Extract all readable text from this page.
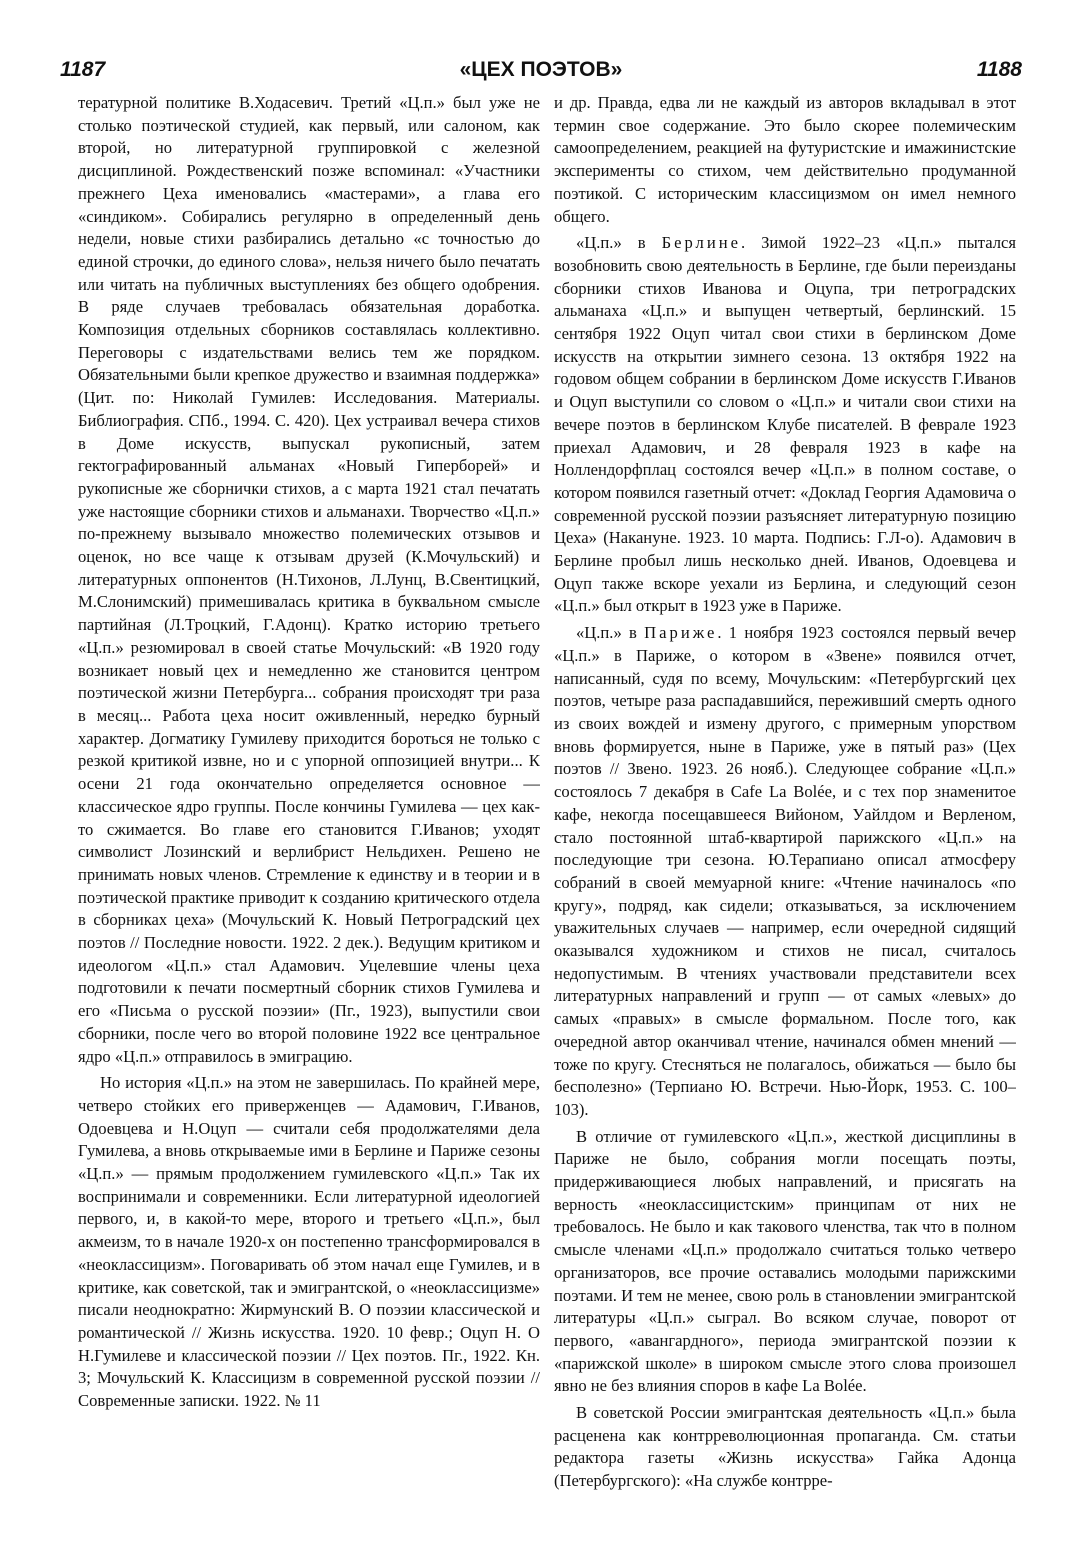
1187	«ЦЕХ ПОЭТОВ»	1188

тературной политике В.Ходасевич. Третий «Ц.п.» был уже не столько поэтической студией, как первый, или салоном, как второй, но литературной группировкой с железной дисциплиной. Рождественский позже вспоминал: «Участники прежнего Цеха именовались «мастерами», а глава его «синдиком». Собирались регулярно в определенный день недели, новые стихи разбирались детально «с точностью до единой строчки, до единого слова», нельзя ничего было печатать или читать на публичных выступлениях без общего одобрения. В ряде случаев требовалась обязательная доработка. Композиция отдельных сборников составлялась коллективно. Переговоры с издательствами велись тем же порядком. Обязательными были крепкое дружество и взаимная поддержка» (Цит. по: Николай Гумилев: Исследования. Материалы. Библиография. СПб., 1994. С. 420). Цех устраивал вечера стихов в Доме искусств, выпускал рукописный, затем гектографированный альманах «Новый Гиперборей» и рукописные же сборнички стихов, а с марта 1921 стал печатать уже настоящие сборники стихов и альманахи. Творчество «Ц.п.» по-прежнему вызывало множество полемических отзывов и оценок, но все чаще к отзывам друзей (К.Мочульский) и литературных оппонентов (Н.Тихонов, Л.Лунц, В.Свентицкий, М.Слонимский) примешивалась критика в буквальном смысле партийная (Л.Троцкий, Г.Адонц). Кратко историю третьего «Ц.п.» резюмировал в своей статье Мочульский: «В 1920 году возникает новый цех и немедленно же становится центром поэтической жизни Петербурга... собрания происходят три раза в месяц... Работа цеха носит оживленный, нередко бурный характер. Догматику Гумилеву приходится бороться не только с резкой критикой извне, но и с упорной оппозицией внутри... К осени 21 года окончательно определяется основное — классическое ядро группы. После кончины Гумилева — цех как-то сжимается. Во главе его становится Г.Иванов; уходят символист Лозинский и верлибрист Нельдихен. Решено не принимать новых членов. Стремление к единству и в теории и в поэтической практике приводит к созданию критического отдела в сборниках цеха» (Мочульский К. Новый Петроградский цех поэтов // Последние новости. 1922. 2 дек.). Ведущим критиком и идеологом «Ц.п.» стал Адамович. Уцелевшие члены цеха подготовили к печати посмертный сборник стихов Гумилева и его «Письма о русской поэзии» (Пг., 1923), выпустили свои сборники, после чего во второй половине 1922 все центральное ядро «Ц.п.» отправилось в эмиграцию.

Но история «Ц.п.» на этом не завершилась. По крайней мере, четверо стойких его приверженцев — Адамович, Г.Иванов, Одоевцева и Н.Оцуп — считали себя продолжателями дела Гумилева, а вновь открываемые ими в Берлине и Париже сезоны «Ц.п.» — прямым продолжением гумилевского «Ц.п.» Так их воспринимали и современники. Если литературной идеологией первого, и, в какой-то мере, второго и третьего «Ц.п.», был акмеизм, то в начале 1920-х он постепенно трансформировался в «неоклассицизм». Поговаривать об этом начал еще Гумилев, и в критике, как советской, так и эмигрантской, о «неоклассицизме» писали неоднократно: Жирмунский В. О поэзии классической и романтической // Жизнь искусства. 1920. 10 февр.; Оцуп Н. О Н.Гумилеве и классической поэзии // Цех поэтов. Пг., 1922. Кн. 3; Мочульский К. Классицизм в современной русской поэзии // Современные записки. 1922. № 11

и др. Правда, едва ли не каждый из авторов вкладывал в этот термин свое содержание. Это было скорее полемическим самоопределением, реакцией на футуристские и имажинистские эксперименты со стихом, чем действительно продуманной поэтикой. С историческим классицизмом он имел немного общего.

«Ц.п.» в Берлине. Зимой 1922–23 «Ц.п.» пытался возобновить свою деятельность в Берлине, где были переизданы сборники стихов Иванова и Оцупа, три петроградских альманаха «Ц.п.» и выпущен четвертый, берлинский. 15 сентября 1922 Оцуп читал свои стихи в берлинском Доме искусств на открытии зимнего сезона. 13 октября 1922 на годовом общем собрании в берлинском Доме искусств Г.Иванов и Оцуп выступили со словом о «Ц.п.» и читали свои стихи на вечере поэтов в берлинском Клубе писателей. В феврале 1923 приехал Адамович, и 28 февраля 1923 в кафе на Ноллендорфплац состоялся вечер «Ц.п.» в полном составе, о котором появился газетный отчет: «Доклад Георгия Адамовича о современной русской поэзии разъясняет литературную позицию Цеха» (Накануне. 1923. 10 марта. Подпись: Г.Л-о). Адамович в Берлине пробыл лишь несколько дней. Иванов, Одоевцева и Оцуп также вскоре уехали из Берлина, и следующий сезон «Ц.п.» был открыт в 1923 уже в Париже.

«Ц.п.» в Париже. 1 ноября 1923 состоялся первый вечер «Ц.п.» в Париже, о котором в «Звене» появился отчет, написанный, судя по всему, Мочульским: «Петербургский цех поэтов, четыре раза распадавшийся, переживший смерть одного из своих вождей и измену другого, с примерным упорством вновь формируется, ныне в Париже, уже в пятый раз» (Цех поэтов // Звено. 1923. 26 нояб.). Следующее собрание «Ц.п.» состоялось 7 декабря в Cafe La Bolée, и с тех пор знаменитое кафе, некогда посещавшееся Вийоном, Уайлдом и Верленом, стало постоянной штаб-квартирой парижского «Ц.п.» на последующие три сезона. Ю.Терапиано описал атмосферу собраний в своей мемуарной книге: «Чтение начиналось «по кругу», подряд, как сидели; отказываться, за исключением уважительных случаев — например, если очередной сидящий оказывался художником и стихов не писал, считалось недопустимым. В чтениях участвовали представители всех литературных направлений и групп — от самых «левых» до самых «правых» в смысле формальном. После того, как очередной автор оканчивал чтение, начинался обмен мнений — тоже по кругу. Стесняться не полагалось, обижаться — было бы бесполезно» (Терпиано Ю. Встречи. Нью-Йорк, 1953. С. 100–103).

В отличие от гумилевского «Ц.п.», жесткой дисциплины в Париже не было, собрания могли посещать поэты, придерживающиеся любых направлений, и присягать на верность «неоклассицистским» принципам от них не требовалось. Не было и как такового членства, так что в полном смысле членами «Ц.п.» продолжало считаться только четверо организаторов, все прочие оставались молодыми парижскими поэтами. И тем не менее, свою роль в становлении эмигрантской литературы «Ц.п.» сыграл. Во всяком случае, поворот от первого, «авангардного», периода эмигрантской поэзии к «парижской школе» в широком смысле этого слова произошел явно не без влияния споров в кафе La Bolée.

В советской России эмигрантская деятельность «Ц.п.» была расценена как контрреволюционная пропаганда. См. статьи редактора газеты «Жизнь искусства» Гайка Адонца (Петербургского): «На службе контрре-
